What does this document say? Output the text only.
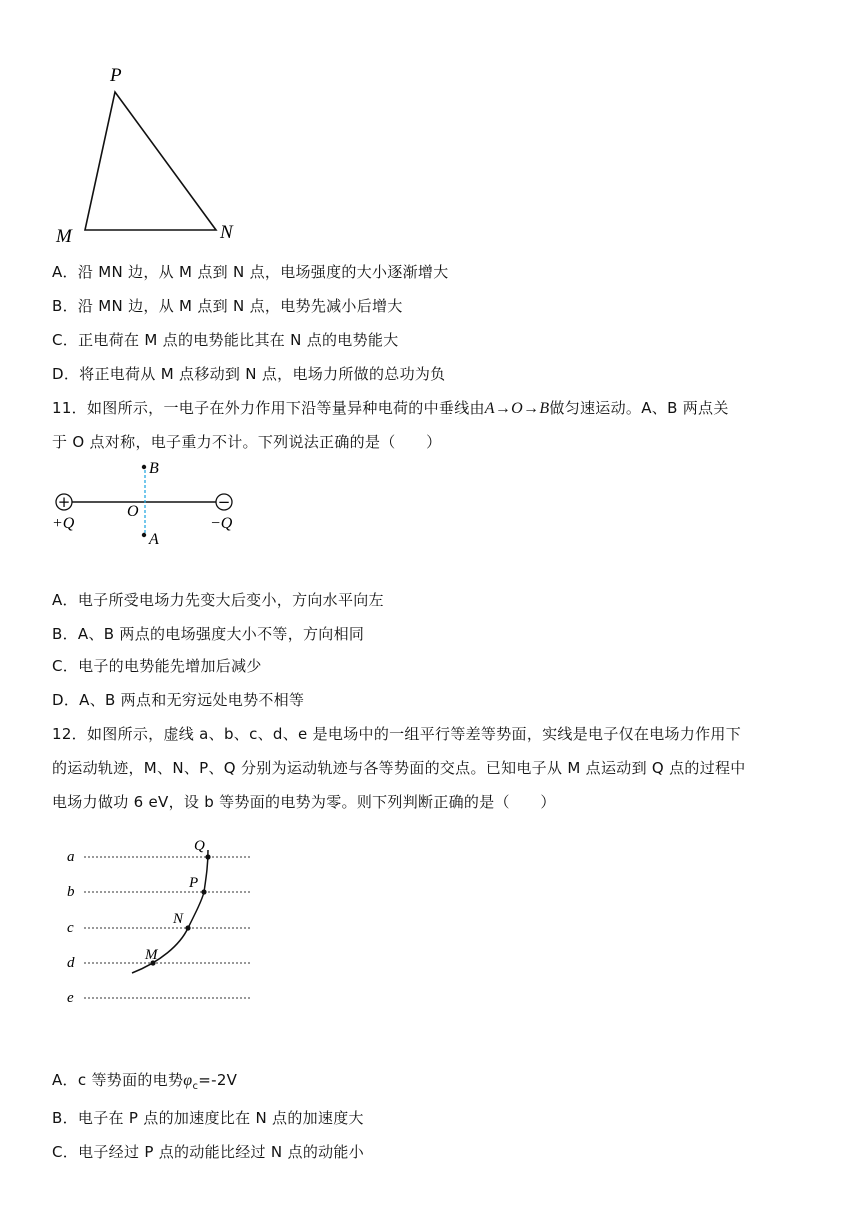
P
M	N
A．沿 MN 边，从 M 点到 N 点，电场强度的大小逐渐增大
B．沿 MN 边，从 M 点到 N 点，电势先减小后增大
C．正电荷在 M 点的电势能比其在 N 点的电势能大
D．将正电荷从 M 点移动到 N 点，电场力所做的总功为负
11．如图所示，一电子在外力作用下沿等量异种电荷的中垂线由A→O→B做匀速运动。A、B 两点关
于 O 点对称，电子重力不计。下列说法正确的是（　　）
+	−
+Q	−Q
O
B
A
A．电子所受电场力先变大后变小，方向水平向左
B．A、B 两点的电场强度大小不等，方向相同
C．电子的电势能先增加后减少
D．A、B 两点和无穷远处电势不相等
12．如图所示，虚线 a、b、c、d、e 是电场中的一组平行等差等势面，实线是电子仅在电场力作用下
的运动轨迹，M、N、P、Q 分别为运动轨迹与各等势面的交点。已知电子从 M 点运动到 Q 点的过程中
电场力做功 6 eV，设 b 等势面的电势为零。则下列判断正确的是（　　）
a
b
c
d
e
Q
P
N
M
A．c 等势面的电势$\varphi_c=-2V$
B．电子在 P 点的加速度比在 N 点的加速度大
C．电子经过 P 点的动能比经过 N 点的动能小
